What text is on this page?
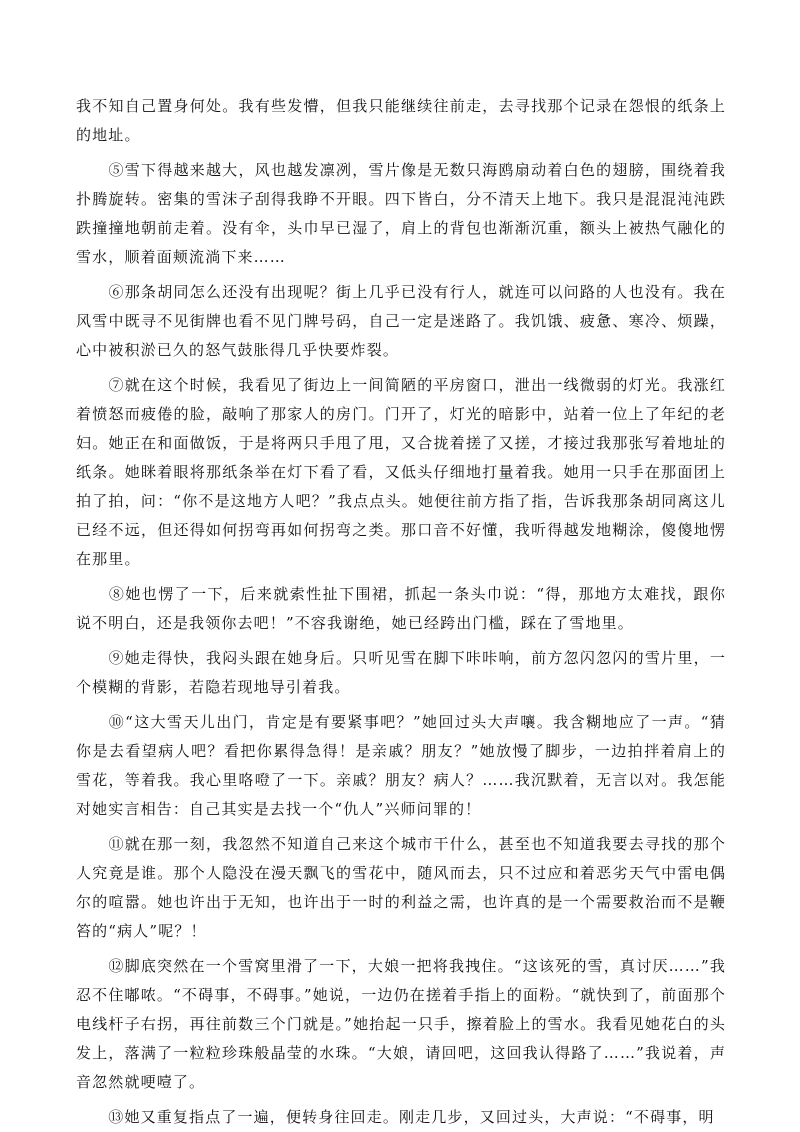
我不知自己置身何处。我有些发懵，但我只能继续往前走，去寻找那个记录在怨恨的纸条上的地址。

　　⑤雪下得越来越大，风也越发凛冽，雪片像是无数只海鸥扇动着白色的翅膀，围绕着我扑腾旋转。密集的雪沫子刮得我睁不开眼。四下皆白，分不清天上地下。我只是混混沌沌跌跌撞撞地朝前走着。没有伞，头巾早已湿了，肩上的背包也渐渐沉重，额头上被热气融化的雪水，顺着面颊流淌下来……

　　⑥那条胡同怎么还没有出现呢？街上几乎已没有行人，就连可以问路的人也没有。我在风雪中既寻不见街牌也看不见门牌号码，自己一定是迷路了。我饥饿、疲惫、寒冷、烦躁，心中被积淤已久的怒气鼓胀得几乎快要炸裂。

　　⑦就在这个时候，我看见了街边上一间简陋的平房窗口，泄出一线微弱的灯光。我涨红着愤怒而疲倦的脸，敲响了那家人的房门。门开了，灯光的暗影中，站着一位上了年纪的老妇。她正在和面做饭，于是将两只手甩了甩，又合拢着搓了又搓，才接过我那张写着地址的纸条。她眯着眼将那纸条举在灯下看了看，又低头仔细地打量着我。她用一只手在那面团上拍了拍，问：“你不是这地方人吧？”我点点头。她便往前方指了指，告诉我那条胡同离这儿已经不远，但还得如何拐弯再如何拐弯之类。那口音不好懂，我听得越发地糊涂，傻傻地愣在那里。

　　⑧她也愣了一下，后来就索性扯下围裙，抓起一条头巾说：“得，那地方太难找，跟你说不明白，还是我领你去吧！”不容我谢绝，她已经跨出门槛，踩在了雪地里。

　　⑨她走得快，我闷头跟在她身后。只听见雪在脚下咔咔响，前方忽闪忽闪的雪片里，一个模糊的背影，若隐若现地导引着我。

　　⑩“这大雪天儿出门，肯定是有要紧事吧？”她回过头大声嚷。我含糊地应了一声。“猜你是去看望病人吧？看把你累得急得！是亲戚？朋友？”她放慢了脚步，一边拍拌着肩上的雪花，等着我。我心里咯噔了一下。亲戚？朋友？病人？……我沉默着，无言以对。我怎能对她实言相告：自己其实是去找一个“仇人”兴师问罪的！

　　⑪就在那一刻，我忽然不知道自己来这个城市干什么，甚至也不知道我要去寻找的那个人究竟是谁。那个人隐没在漫天飘飞的雪花中，随风而去，只不过应和着恶劣天气中雷电偶尔的喧嚣。她也许出于无知，也许出于一时的利益之需，也许真的是一个需要救治而不是鞭笞的“病人”呢？！

　　⑫脚底突然在一个雪窝里滑了一下，大娘一把将我拽住。“这该死的雪，真讨厌……”我忍不住嘟哝。“不碍事，不碍事。”她说，一边仍在搓着手指上的面粉。“就快到了，前面那个电线杆子右拐，再往前数三个门就是。”她抬起一只手，擦着脸上的雪水。我看见她花白的头发上，落满了一粒粒珍珠般晶莹的水珠。“大娘，请回吧，这回我认得路了……”我说着，声音忽然就哽噎了。

　　⑬她又重复指点了一遍，便转身往回走。刚走几步，又回过头，大声说：“不碍事，明
